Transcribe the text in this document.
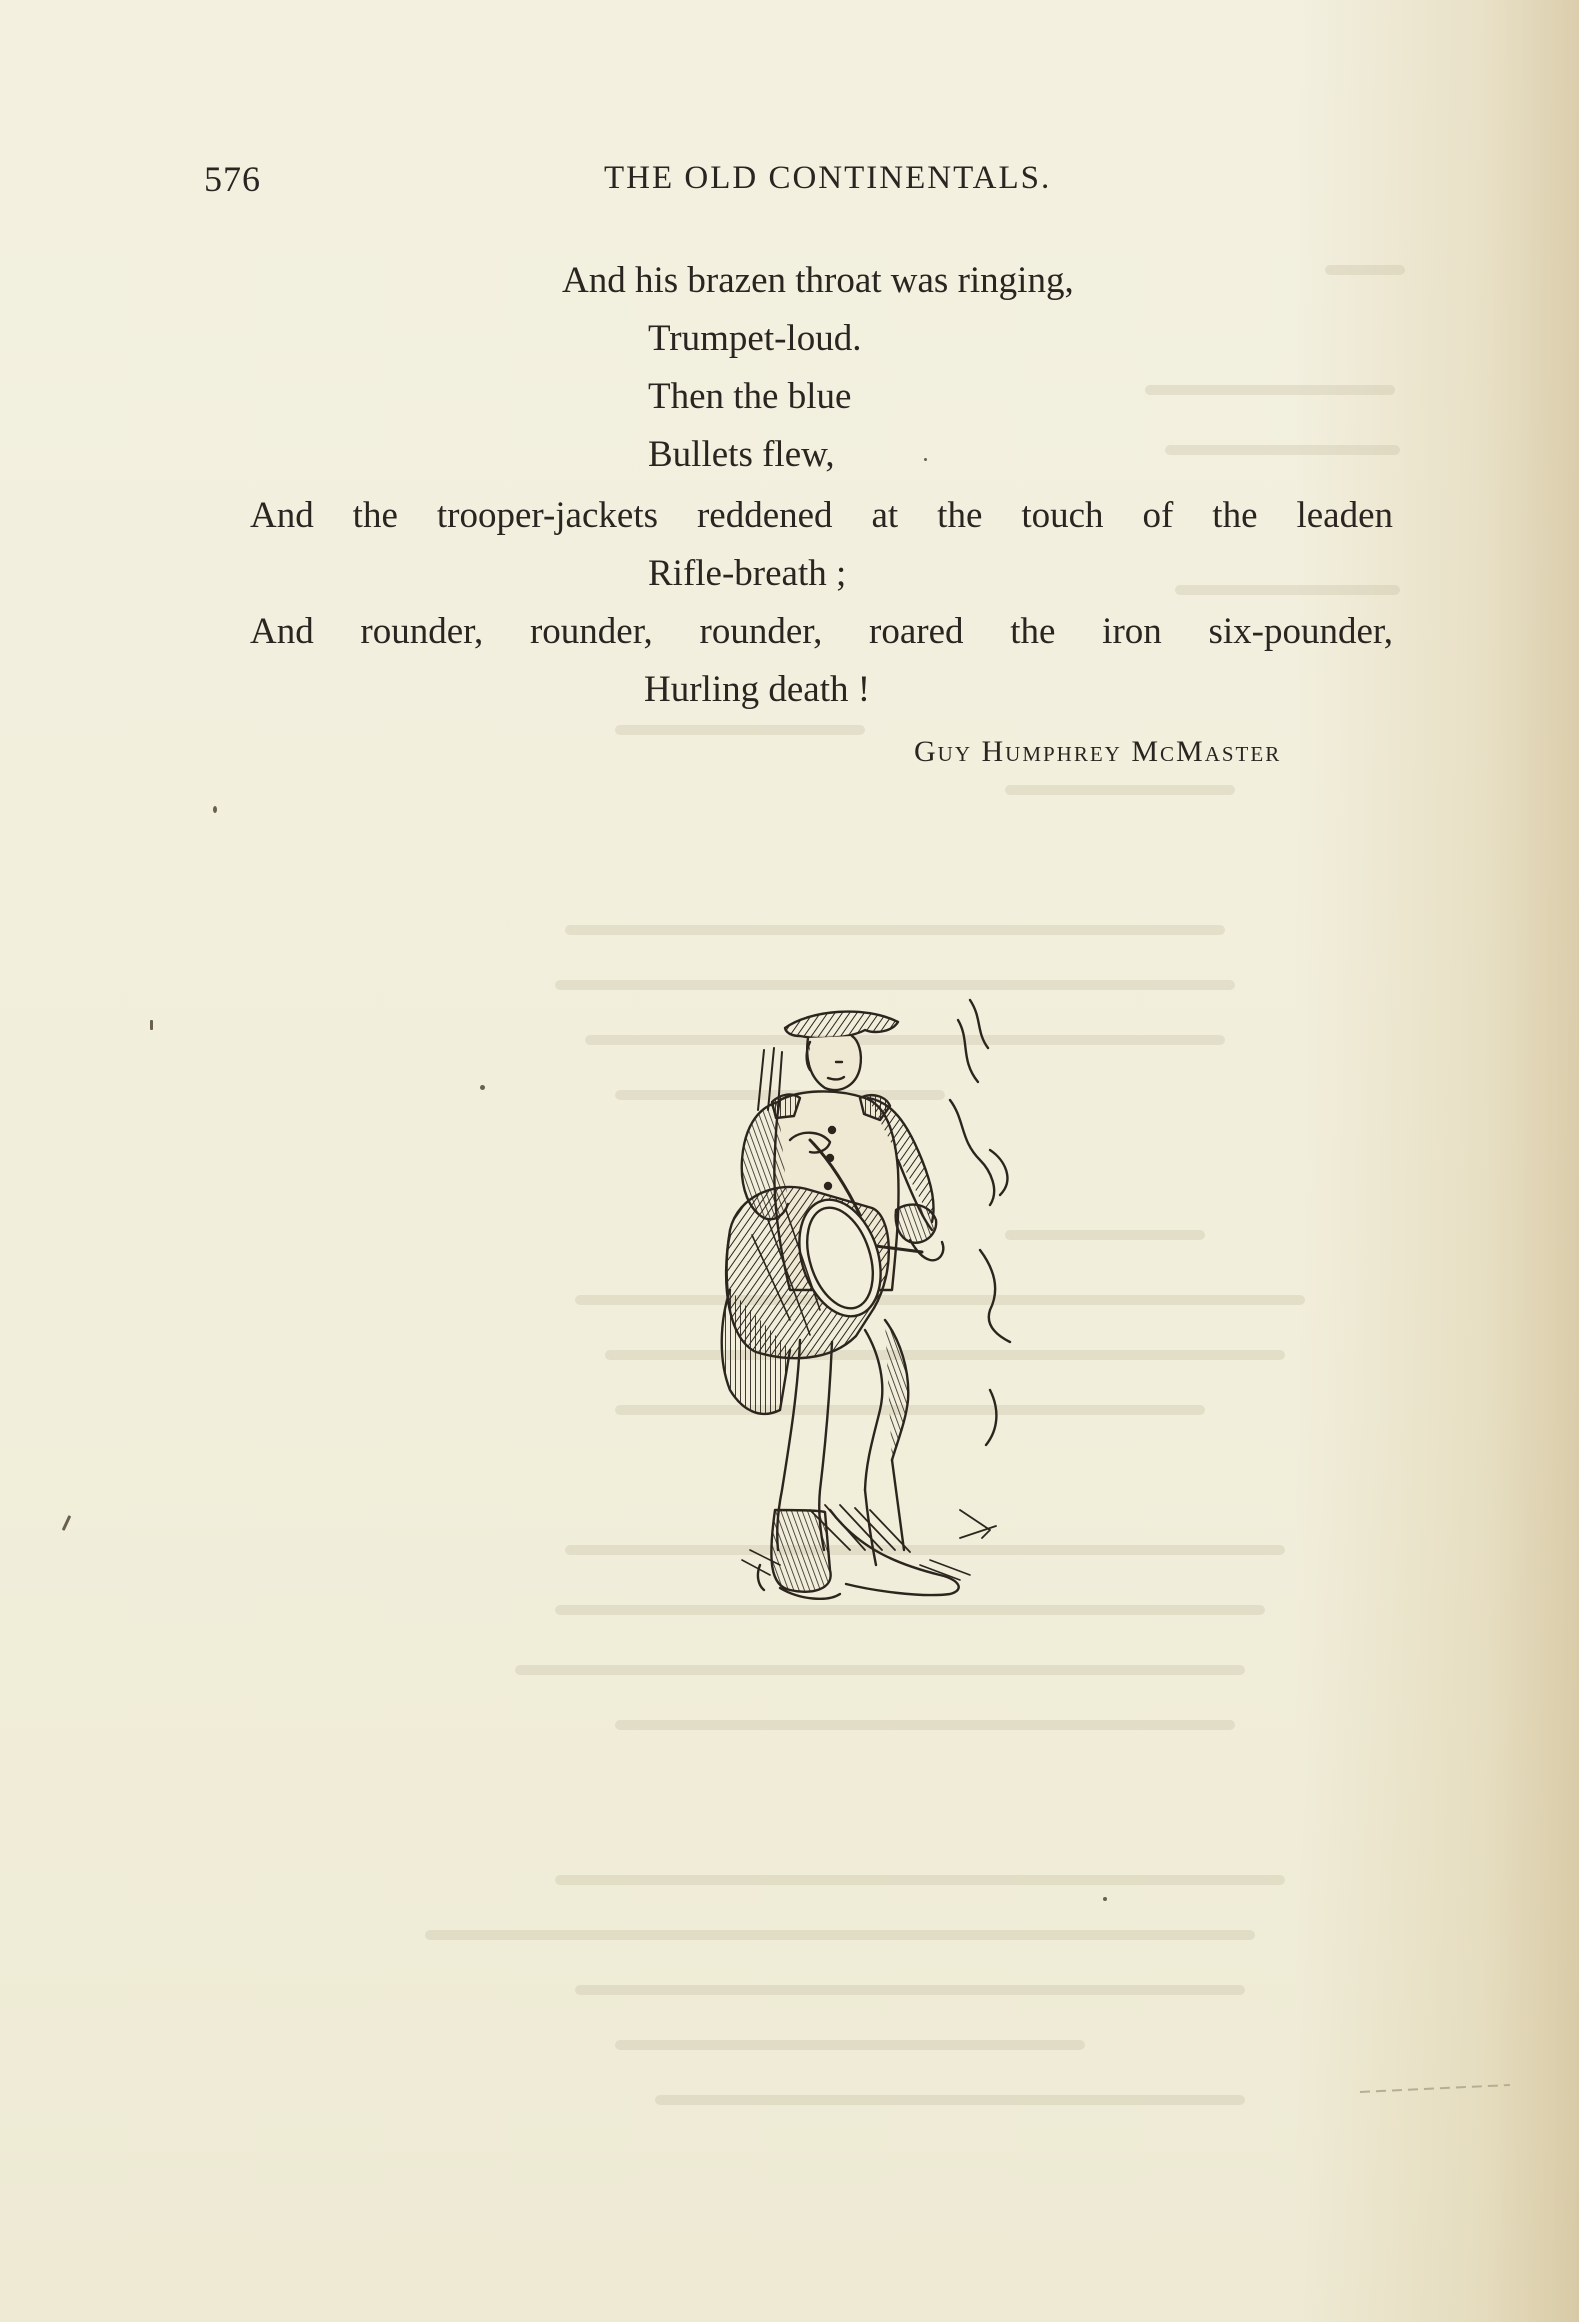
576	THE OLD CONTINENTALS.
And his brazen throat was ringing,
Trumpet-loud.
Then the blue
Bullets flew,
And the trooper-jackets reddened at the touch of the leaden
Rifle-breath ;
And rounder, rounder, rounder, roared the iron six-pounder,
Hurling death !
Guy Humphrey McMaster
